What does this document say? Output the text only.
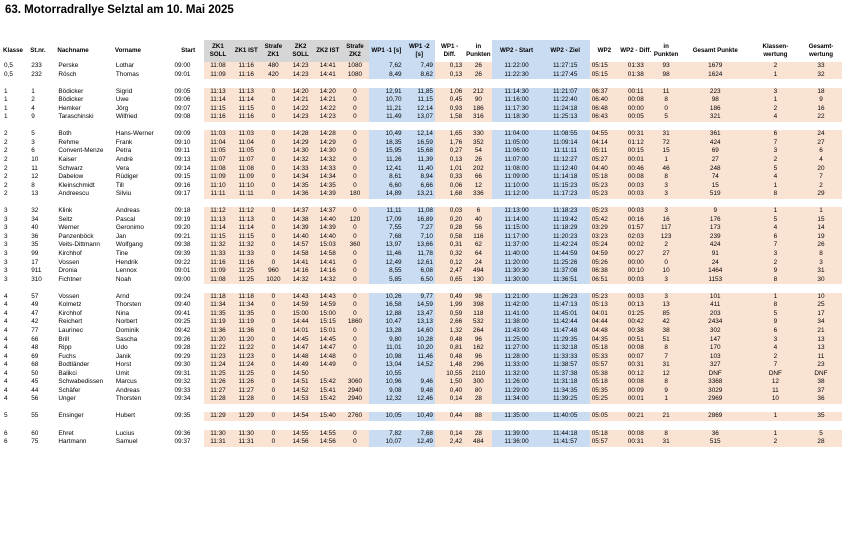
63. Motorradrallye Selztal am 10. Mai 2025
Klasse	St.nr.	Nachname	Vorname	Start	ZK1 SOLL	ZK1 IST	Strafe ZK1	ZK2 SOLL	ZK2 IST	Strafe ZK2	WP1 -1 [s]	WP1 -2 [s]	WP1 - Diff.	in Punkten	WP2 - Start	WP2 - Ziel	WP2	WP2 - Diff.	in Punkten	Gesamt Punkte	Klassen-wertung	Gesamt-wertung
0,5	233	Perske	Lothar	09:00	11:08	11:16	480	14:23	14:41	1080	7,62	7,49	0,13	26	11:22:00	11:27:15	05:15	01:33	93	1679	2	33
0,5	232	Rösch	Thomas	09:01	11:09	11:16	420	14:23	14:41	1080	8,49	8,62	0,13	26	11:22:30	11:27:45	05:15	01:38	98	1624	1	32

1	1	Bödicker	Sigrid	09:05	11:13	11:13	0	14:20	14:20	0	12,91	11,85	1,06	212	11:14:30	11:21:07	06:37	00:11	11	223	3	18
1	2	Bödicker	Uwe	09:06	11:14	11:14	0	14:21	14:21	0	10,70	11,15	0,45	90	11:16:00	11:22:40	06:40	00:08	8	98	1	9
1	4	Hemker	Jörg	09:07	11:15	11:15	0	14:22	14:22	0	11,21	12,14	0,93	186	11:17:30	11:24:18	06:48	00:00	0	186	2	16
1	9	Taraschinski	Wilfried	09:08	11:16	11:16	0	14:23	14:23	0	11,49	13,07	1,58	316	11:18:30	11:25:13	06:43	00:05	5	321	4	22

2	5	Both	Hans-Werner	09:09	11:03	11:03	0	14:28	14:28	0	10,49	12,14	1,65	330	11:04:00	11:08:55	04:55	00:31	31	361	6	24
2	3	Rehme	Frank	09:10	11:04	11:04	0	14:29	14:29	0	18,35	16,59	1,76	352	11:05:00	11:09:14	04:14	01:12	72	424	7	27
2	6	Convent-Menze	Petra	09:11	11:05	11:05	0	14:30	14:30	0	15,95	15,68	0,27	54	11:06:00	11:11:11	05:11	00:15	15	69	3	6
2	10	Kaiser	Andrè	09:13	11:07	11:07	0	14:32	14:32	0	11,26	11,39	0,13	26	11:07:00	11:12:27	05:27	00:01	1	27	2	4
2	11	Schwarz	Vera	09:14	11:08	11:08	0	14:33	14:33	0	12,41	11,40	1,01	202	11:08:00	11:12:40	04:40	00:46	46	248	5	20
2	12	Dabelow	Rüdiger	09:15	11:09	11:09	0	14:34	14:34	0	8,61	8,94	0,33	66	11:09:00	11:14:18	05:18	00:08	8	74	4	7
2	8	Kleinschmidt	Till	09:16	11:10	11:10	0	14:35	14:35	0	6,60	6,66	0,06	12	11:10:00	11:15:23	05:23	00:03	3	15	1	2
2	13	Andreescu	Silviu	09:17	11:11	11:11	0	14:36	14:39	180	14,89	13,21	1,68	336	11:12:00	11:17:23	05:23	00:03	3	519	8	29

3	32	Klink	Andreas	09:18	11:12	11:12	0	14:37	14:37	0	11,11	11,08	0,03	6	11:13:00	11:18:23	05:23	00:03	3	9	1	1
3	34	Seitz	Pascal	09:19	11:13	11:13	0	14:38	14:40	120	17,09	16,89	0,20	40	11:14:00	11:19:42	05:42	00:16	16	176	5	15
3	40	Werner	Geronimo	09:20	11:14	11:14	0	14:39	14:39	0	7,55	7,27	0,28	56	11:15:00	11:18:29	03:29	01:57	117	173	4	14
3	36	Panzenböck	Jan	09:21	11:15	11:15	0	14:40	14:40	0	7,68	7,10	0,58	116	11:17:00	11:20:23	03:23	02:03	123	239	6	19
3	35	Veits-Dittmann	Wolfgang	09:38	11:32	11:32	0	14:57	15:03	360	13,97	13,66	0,31	62	11:37:00	11:42:24	05:24	00:02	2	424	7	26
3	99	Kirchhof	Tine	09:39	11:33	11:33	0	14:58	14:58	0	11,46	11,78	0,32	64	11:40:00	11:44:59	04:59	00:27	27	91	3	8
3	17	Vossen	Hendrik	09:22	11:16	11:16	0	14:41	14:41	0	12,49	12,61	0,12	24	11:20:00	11:25:26	05:26	00:00	0	24	2	3
3	911	Dronia	Lennox	09:01	11:09	11:25	960	14:16	14:16	0	8,55	6,08	2,47	494	11:30:30	11:37:08	06:38	00:10	10	1464	9	31
3	310	Fichtner	Noah	09:00	11:08	11:25	1020	14:32	14:32	0	5,85	6,50	0,65	130	11:30:00	11:36:51	06:51	00:03	3	1153	8	30

4	57	Vossen	Arnd	09:24	11:18	11:18	0	14:43	14:43	0	10,26	9,77	0,49	98	11:21:00	11:26:23	05:23	00:03	3	101	1	10
4	49	Kolmetz	Thorsten	09:40	11:34	11:34	0	14:59	14:59	0	16,58	14,59	1,99	398	11:42:00	11:47:13	05:13	00:13	13	411	8	25
4	47	Kirchhof	Nina	09:41	11:35	11:35	0	15:00	15:00	0	12,88	13,47	0,59	118	11:41:00	11:45:01	04:01	01:25	85	203	5	17
4	42	Reichert	Norbert	09:25	11:19	11:19	0	14:44	15:15	1860	10,47	13,13	2,66	532	11:38:00	11:42:44	04:44	00:42	42	2434	9	34
4	77	Laurinec	Dominik	09:42	11:36	11:36	0	14:01	15:01	0	13,28	14,60	1,32	264	11:43:00	11:47:48	04:48	00:38	38	302	6	21
4	66	Brill	Sascha	09:26	11:20	11:20	0	14:45	14:45	0	9,80	10,28	0,48	96	11:25:00	11:29:35	04:35	00:51	51	147	3	13
4	48	Ripp	Udo	09:28	11:22	11:22	0	14:47	14:47	0	11,01	10,20	0,81	162	11:27:00	11:32:18	05:18	00:08	8	170	4	13
4	69	Fuchs	Janik	09:29	11:23	11:23	0	14:48	14:48	0	10,98	11,46	0,48	96	11:28:00	11:33:33	05:33	00:07	7	103	2	11
4	68	Bodtländer	Horst	09:30	11:24	11:24	0	14:49	14:49	0	13,04	14,52	1,48	296	11:33:00	11:38:57	05:57	00:31	31	327	7	23
4	50	Balikci	Ümit	09:31	11:25	11:25	0	14:50			10,55		10,55	2110	11:32:00	11:37:38	05:38	00:12	12	DNF	DNF	DNF
4	45	Schwabedissen	Marcus	09:32	11:26	11:26	0	14:51	15:42	3060	10,96	9,46	1,50	300	11:26:00	11:31:18	05:18	00:08	8	3368	12	38
4	44	Schäfer	Andreas	09:33	11:27	11:27	0	14:52	15:41	2940	9,08	9,48	0,40	80	11:29:00	11:34:35	05:35	00:09	9	3029	11	37
4	56	Unger	Thorsten	09:34	11:28	11:28	0	14:53	15:42	2940	12,32	12,46	0,14	28	11:34:00	11:39:25	05:25	00:01	1	2969	10	36

5	55	Ensinger	Hubert	09:35	11:29	11:29	0	14:54	15:40	2760	10,05	10,49	0,44	88	11:35:00	11:40:05	05:05	00:21	21	2869	1	35

6	60	Ehret	Lucius	09:36	11:30	11:30	0	14:55	14:55	0	7,82	7,68	0,14	28	11:39:00	11:44:18	05:18	00:08	8	36	1	5
6	75	Hartmann	Samuel	09:37	11:31	11:31	0	14:56	14:56	0	10,07	12,49	2,42	484	11:36:00	11:41:57	05:57	00:31	31	515	2	28
